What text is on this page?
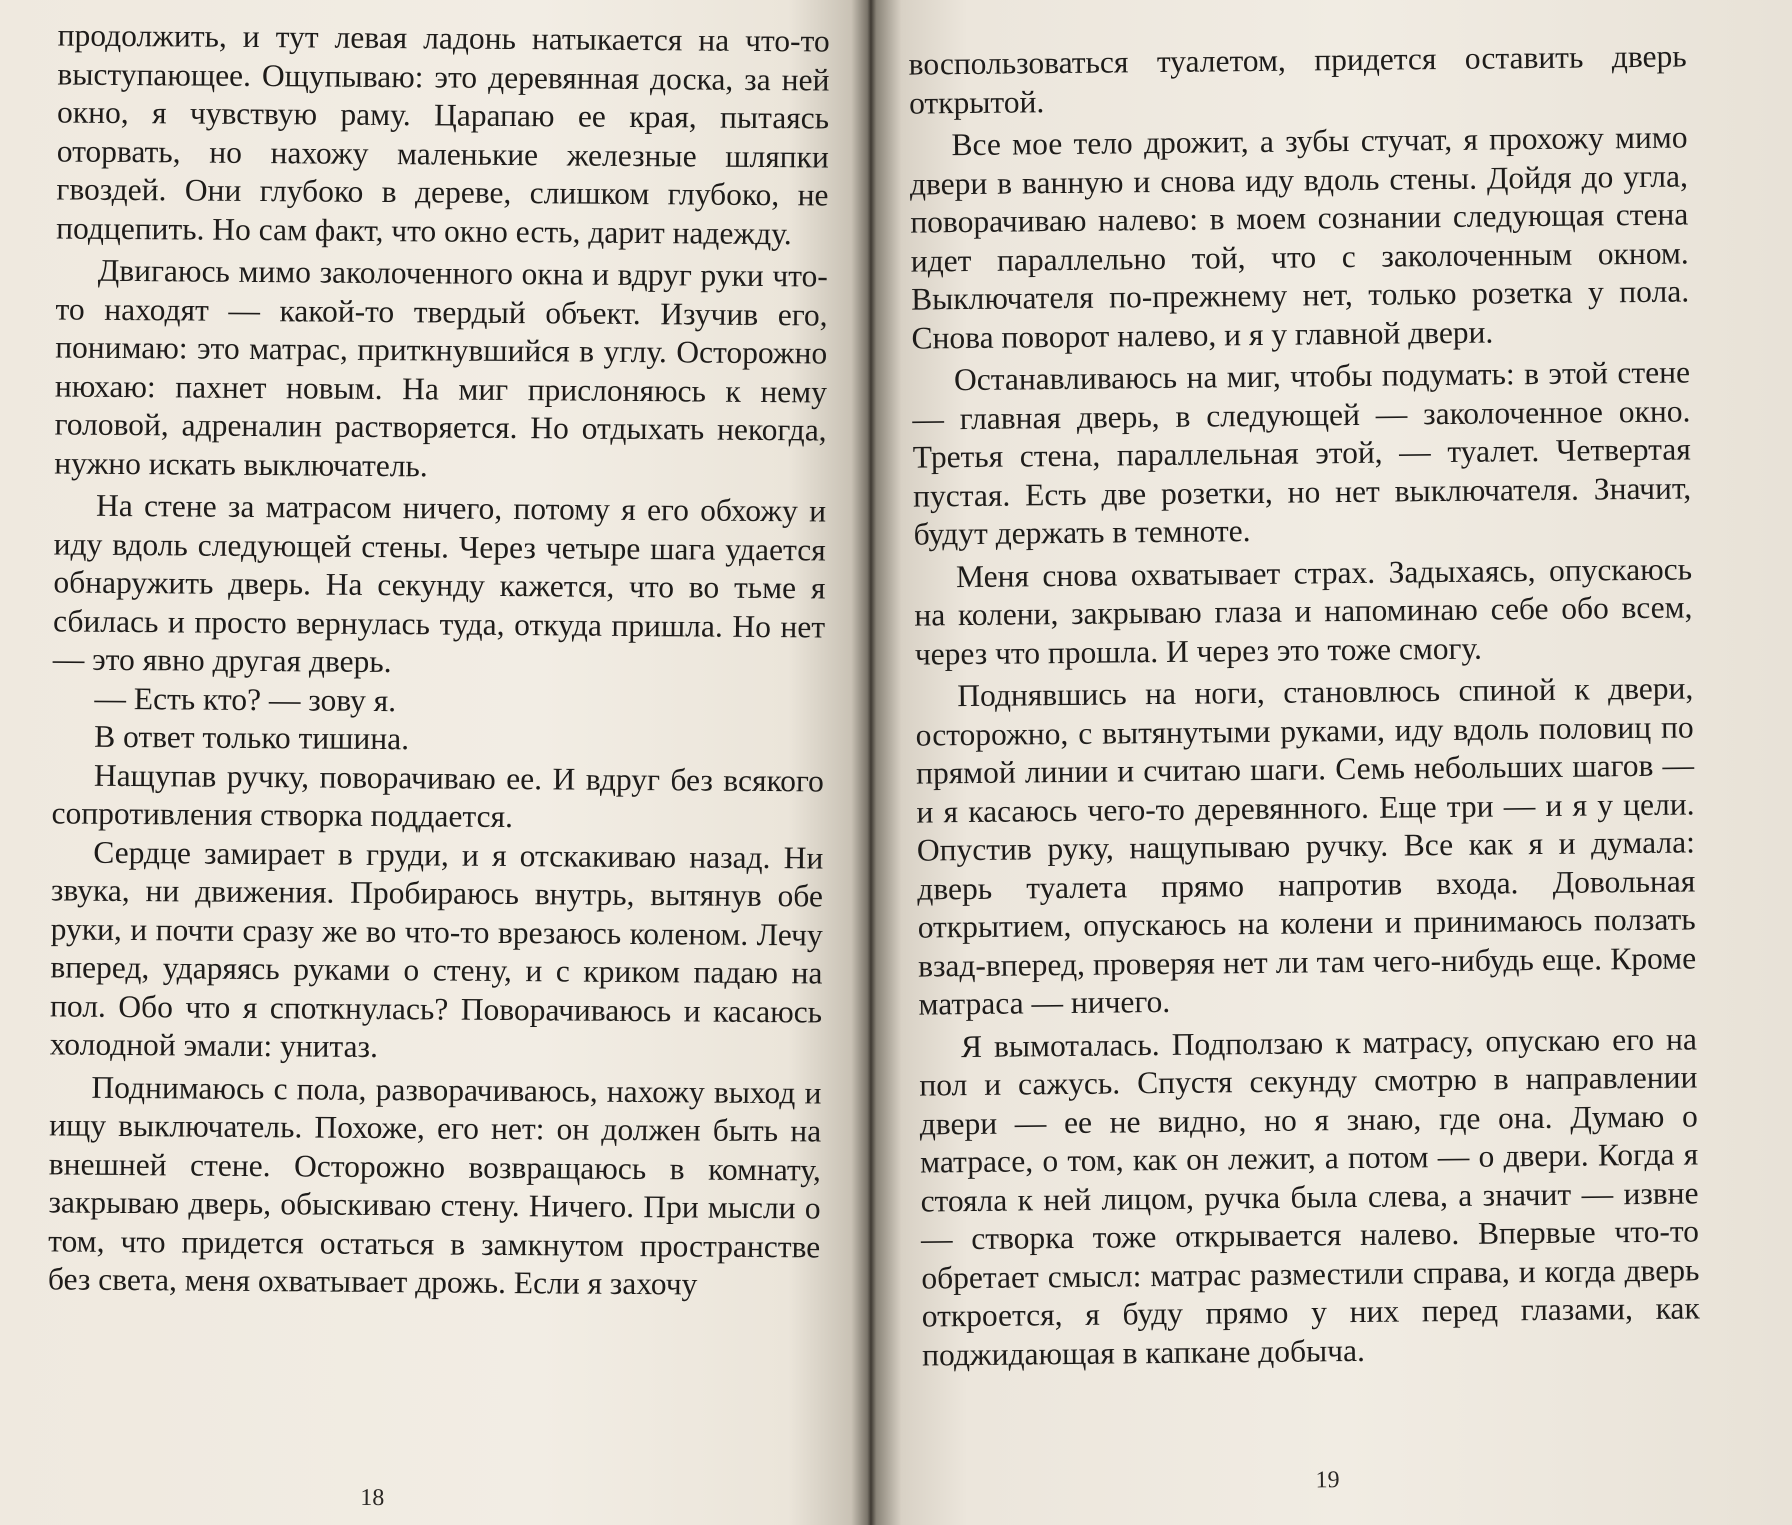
продолжить, и тут левая ладонь натыкается на что-то выступающее. Ощупываю: это деревянная доска, за ней окно, я чувствую раму. Царапаю ее края, пытаясь оторвать, но нахожу маленькие железные шляпки гвоздей. Они глубоко в дереве, слишком глубоко, не подцепить. Но сам факт, что окно есть, дарит надежду.

Двигаюсь мимо заколоченного окна и вдруг руки что-то находят — какой-то твердый объект. Изучив его, понимаю: это матрас, приткнувшийся в углу. Осторожно нюхаю: пахнет новым. На миг прислоняюсь к нему головой, адреналин растворяется. Но отдыхать некогда, нужно искать выключатель.

На стене за матрасом ничего, потому я его обхожу и иду вдоль следующей стены. Через четыре шага удается обнаружить дверь. На секунду кажется, что во тьме я сбилась и просто вернулась туда, откуда пришла. Но нет — это явно другая дверь.

— Есть кто? — зову я.

В ответ только тишина.

Нащупав ручку, поворачиваю ее. И вдруг без всякого сопротивления створка поддается.

Сердце замирает в груди, и я отскакиваю назад. Ни звука, ни движения. Пробираюсь внутрь, вытянув обе руки, и почти сразу же во что-то врезаюсь коленом. Лечу вперед, ударяясь руками о стену, и с криком падаю на пол. Обо что я споткнулась? Поворачиваюсь и касаюсь холодной эмали: унитаз.

Поднимаюсь с пола, разворачиваюсь, нахожу выход и ищу выключатель. Похоже, его нет: он должен быть на внешней стене. Осторожно возвращаюсь в комнату, закрываю дверь, обыскиваю стену. Ничего. При мысли о том, что придется остаться в замкнутом пространстве без света, меня охватывает дрожь. Если я захочу

18

воспользоваться туалетом, придется оставить дверь открытой.

Все мое тело дрожит, а зубы стучат, я прохожу мимо двери в ванную и снова иду вдоль стены. Дойдя до угла, поворачиваю налево: в моем сознании следующая стена идет параллельно той, что с заколоченным окном. Выключателя по-прежнему нет, только розетка у пола. Снова поворот налево, и я у главной двери.

Останавливаюсь на миг, чтобы подумать: в этой стене — главная дверь, в следующей — заколоченное окно. Третья стена, параллельная этой, — туалет. Четвертая пустая. Есть две розетки, но нет выключателя. Значит, будут держать в темноте.

Меня снова охватывает страх. Задыхаясь, опускаюсь на колени, закрываю глаза и напоминаю себе обо всем, через что прошла. И через это тоже смогу.

Поднявшись на ноги, становлюсь спиной к двери, осторожно, с вытянутыми руками, иду вдоль половиц по прямой линии и считаю шаги. Семь небольших шагов — и я касаюсь чего-то деревянного. Еще три — и я у цели. Опустив руку, нащупываю ручку. Все как я и думала: дверь туалета прямо напротив входа. Довольная открытием, опускаюсь на колени и принимаюсь ползать взад-вперед, проверяя нет ли там чего-нибудь еще. Кроме матраса — ничего.

Я вымоталась. Подползаю к матрасу, опускаю его на пол и сажусь. Спустя секунду смотрю в направлении двери — ее не видно, но я знаю, где она. Думаю о матрасе, о том, как он лежит, а потом — о двери. Когда я стояла к ней лицом, ручка была слева, а значит — извне — створка тоже открывается налево. Впервые что-то обретает смысл: матрас разместили справа, и когда дверь откроется, я буду прямо у них перед глазами, как поджидающая в капкане добыча.

19
